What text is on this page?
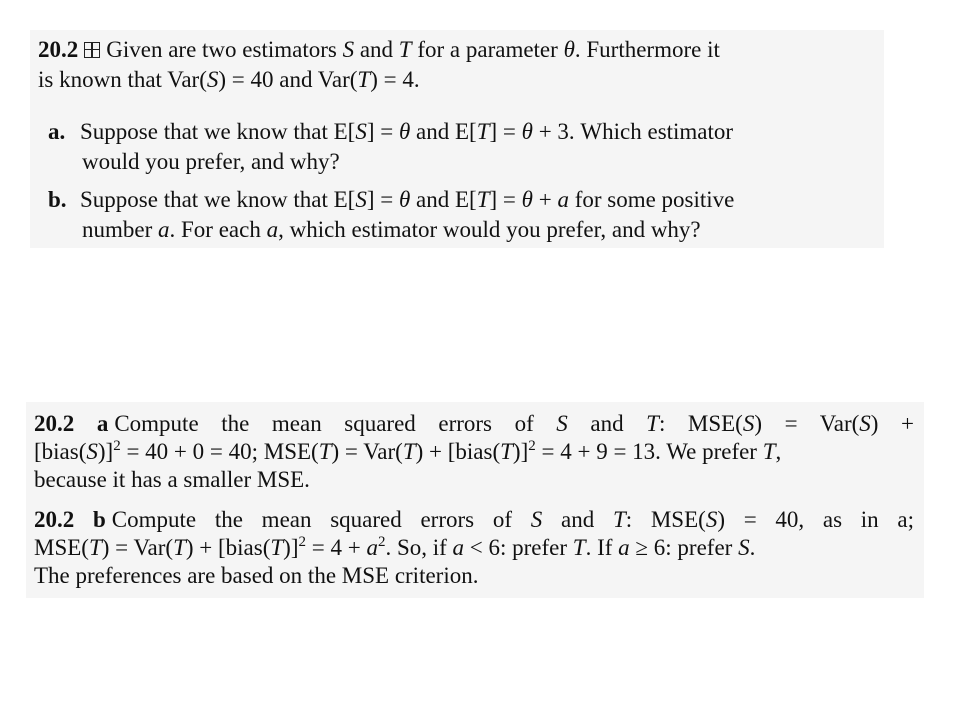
20.2 Given are two estimators S and T for a parameter θ. Furthermore it
is known that Var(S) = 40 and Var(T) = 4.
a. Suppose that we know that E[S] = θ and E[T] = θ + 3. Which estimator
would you prefer, and why?
b. Suppose that we know that E[S] = θ and E[T] = θ + a for some positive
number a. For each a, which estimator would you prefer, and why?
20.2 a Compute the mean squared errors of S and T: MSE(S) = Var(S) +
[bias(S)]$^2$ = 40 + 0 = 40; MSE(T) = Var(T) + [bias(T)]$^2$ = 4 + 9 = 13. We prefer T,
because it has a smaller MSE.
20.2 b Compute the mean squared errors of S and T: MSE(S) = 40, as in a;
MSE(T) = Var(T) + [bias(T)]$^2$ = $4 + a^2$. So, if a < 6: prefer T. If a ≥ 6: prefer S.
The preferences are based on the MSE criterion.
